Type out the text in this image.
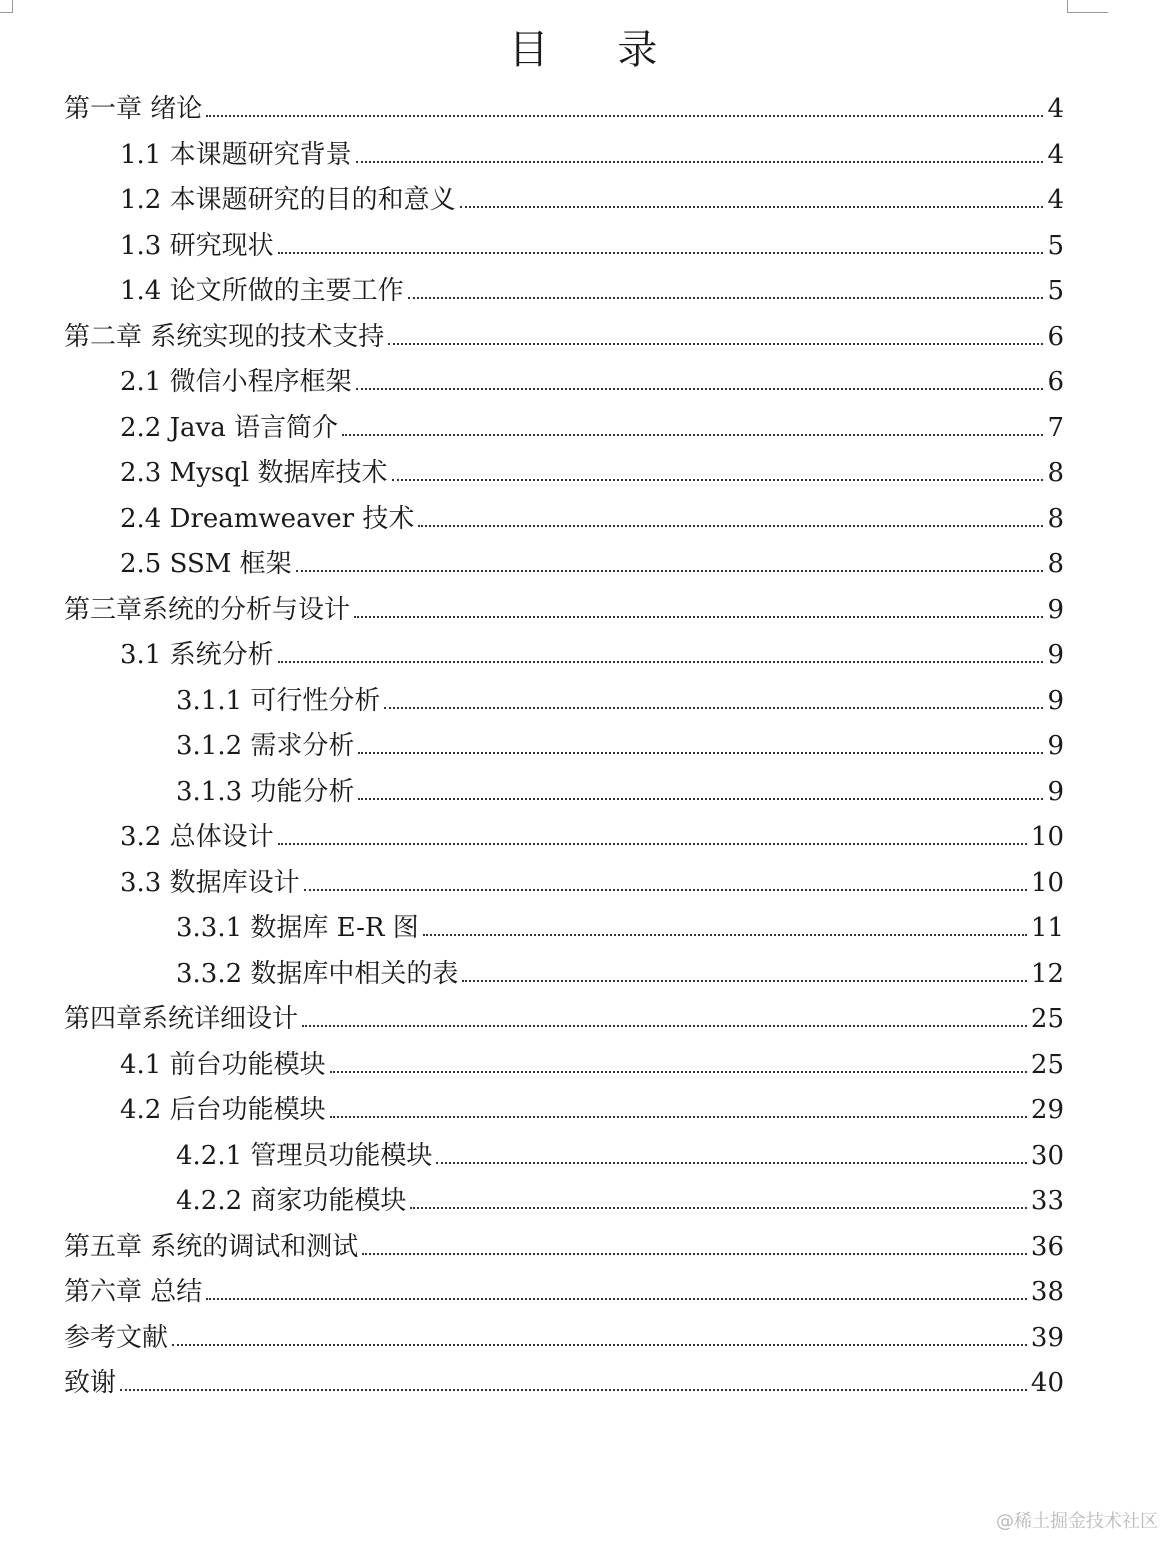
目 录
第一章 绪论	4
1.1 本课题研究背景	4
1.2 本课题研究的目的和意义	4
1.3 研究现状	5
1.4 论文所做的主要工作	5
第二章 系统实现的技术支持	6
2.1 微信小程序框架	6
2.2 Java 语言简介	7
2.3 Mysql 数据库技术	8
2.4 Dreamweaver 技术	8
2.5 SSM 框架	8
第三章系统的分析与设计	9
3.1 系统分析	9
3.1.1 可行性分析	9
3.1.2 需求分析	9
3.1.3 功能分析	9
3.2 总体设计	10
3.3 数据库设计	10
3.3.1 数据库 E-R 图	11
3.3.2 数据库中相关的表	12
第四章系统详细设计	25
4.1 前台功能模块	25
4.2 后台功能模块	29
4.2.1 管理员功能模块	30
4.2.2 商家功能模块	33
第五章 系统的调试和测试	36
第六章 总结	38
参考文献	39
致谢	40
@稀土掘金技术社区
